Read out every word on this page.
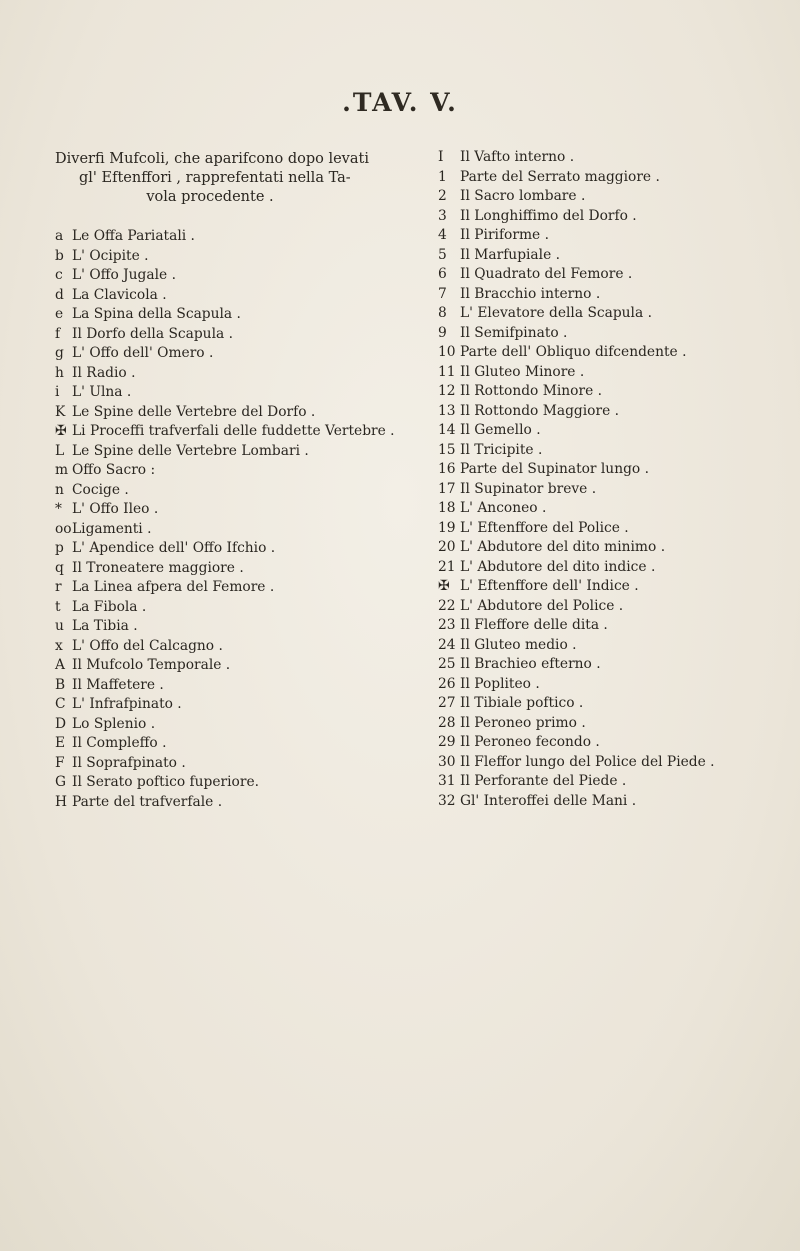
.TAV. V.
Diverfi Mufcoli, che aparifcono dopo levati
gl' Eftenffori , rapprefentati nella Ta-
vola procedente .
a Le Offa Pariatali .
b L' Ocipite .
c L' Offo Jugale .
d La Clavicola .
e La Spina della Scapula .
f Il Dorfo della Scapula .
g L' Offo dell' Omero .
h Il Radio .
i L' Ulna .
K Le Spine delle Vertebre del Dorfo .
✠ Li Proceffi trafverfali delle fuddette Vertebre .
L Le Spine delle Vertebre Lombari .
m Offo Sacro :
n Cocige .
* L' Offo Ileo .
oo Ligamenti .
p L' Apendice dell' Offo Ifchio .
q Il Troneatere maggiore .
r La Linea afpera del Femore .
t La Fibola .
u La Tibia .
x L' Offo del Calcagno .
A Il Mufcolo Temporale .
B Il Maffetere .
C L' Infrafpinato .
D Lo Splenio .
E Il Compleffo .
F Il Soprafpinato .
G Il Serato poftico fuperiore.
H Parte del trafverfale .
I	Il Vafto interno .
1 Parte del Serrato maggiore .
2 Il Sacro lombare .
3 Il Longhiffimo del Dorfo .
4 Il Piriforme .
5 Il Marfupiale .
6 Il Quadrato del Femore .
7 Il Bracchio interno .
8 L' Elevatore della Scapula .
9 Il Semifpinato .
10 Parte dell' Obliquo difcendente .
11 Il Gluteo Minore .
12 Il Rottondo Minore .
13 Il Rottondo Maggiore .
14 Il Gemello .
15 Il Tricipite .
16 Parte del Supinator lungo .
17 Il Supinator breve .
18 L' Anconeo .
19 L' Eftenffore del Police .
20 L' Abdutore del dito minimo .
21 L' Abdutore del dito indice .
✠ L' Eftenffore dell' Indice .
22 L' Abdutore del Police .
23 Il Fleffore delle dita .
24 Il Gluteo medio .
25 Il Brachieo efterno .
26 Il Popliteo .
27 Il Tibiale poftico .
28 Il Peroneo primo .
29 Il Peroneo fecondo .
30 Il Fleffor lungo del Police del Piede .
31 Il Perforante del Piede .
32 Gl' Interoffei delle Mani .
